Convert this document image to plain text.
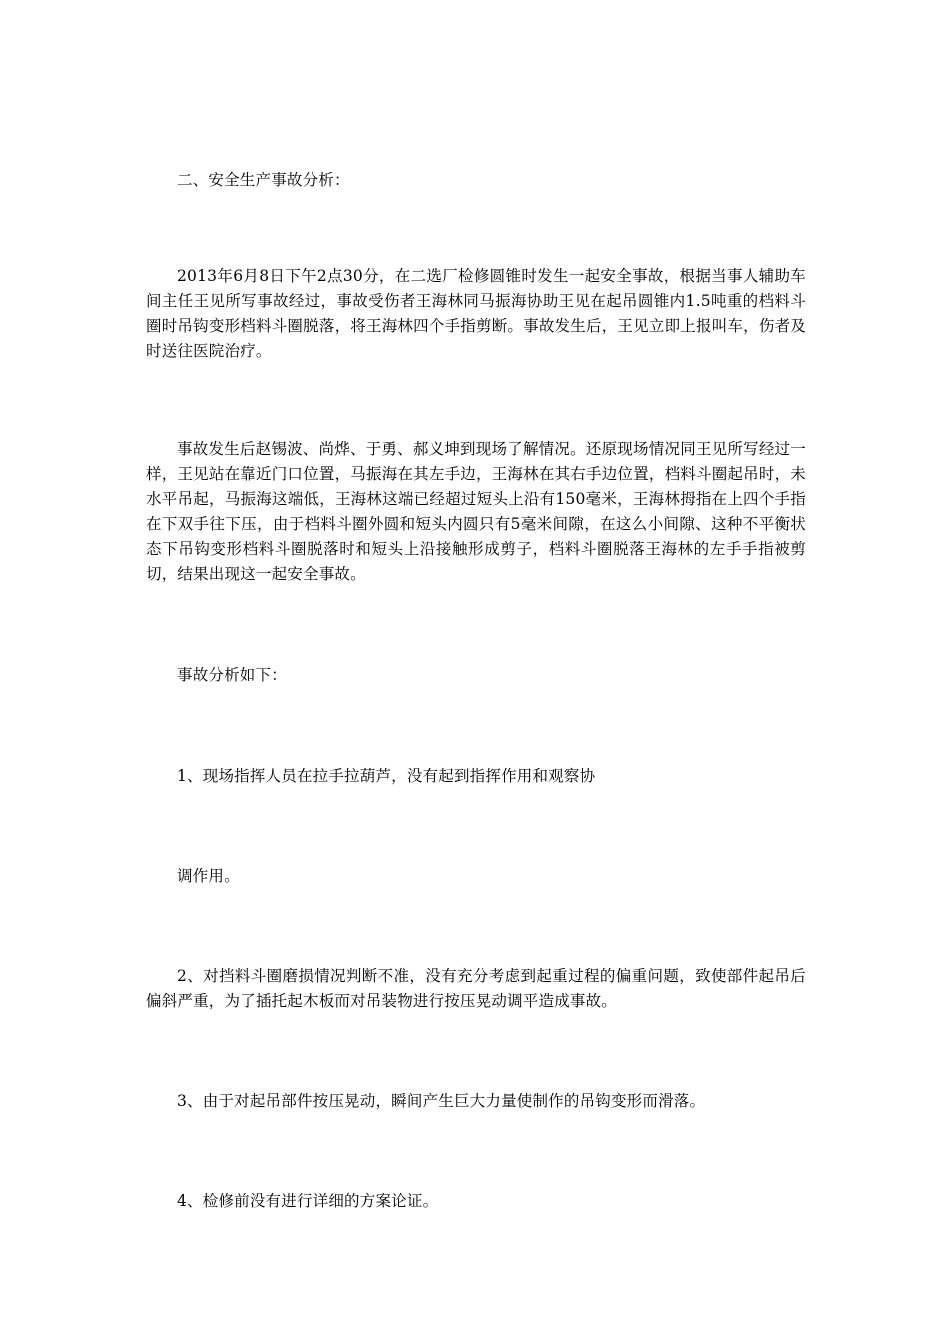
二、安全生产事故分析：

2013年6月8日下午2点30分，在二选厂检修圆锥时发生一起安全事故，根据当事人辅助车间主任王见所写事故经过，事故受伤者王海林同马振海协助王见在起吊圆锥内1.5吨重的档料斗圈时吊钩变形档料斗圈脱落，将王海林四个手指剪断。事故发生后，王见立即上报叫车，伤者及时送往医院治疗。

事故发生后赵锡波、尚烨、于勇、郝义坤到现场了解情况。还原现场情况同王见所写经过一样，王见站在靠近门口位置，马振海在其左手边，王海林在其右手边位置，档料斗圈起吊时，未水平吊起，马振海这端低，王海林这端已经超过短头上沿有150毫米，王海林拇指在上四个手指在下双手往下压，由于档料斗圈外圆和短头内圆只有5毫米间隙，在这么小间隙、这种不平衡状态下吊钩变形档料斗圈脱落时和短头上沿接触形成剪子，档料斗圈脱落王海林的左手手指被剪切，结果出现这一起安全事故。

事故分析如下：

1、现场指挥人员在拉手拉葫芦，没有起到指挥作用和观察协

调作用。

2、对挡料斗圈磨损情况判断不准，没有充分考虑到起重过程的偏重问题，致使部件起吊后偏斜严重，为了插托起木板而对吊装物进行按压晃动调平造成事故。

3、由于对起吊部件按压晃动，瞬间产生巨大力量使制作的吊钩变形而滑落。

4、检修前没有进行详细的方案论证。
